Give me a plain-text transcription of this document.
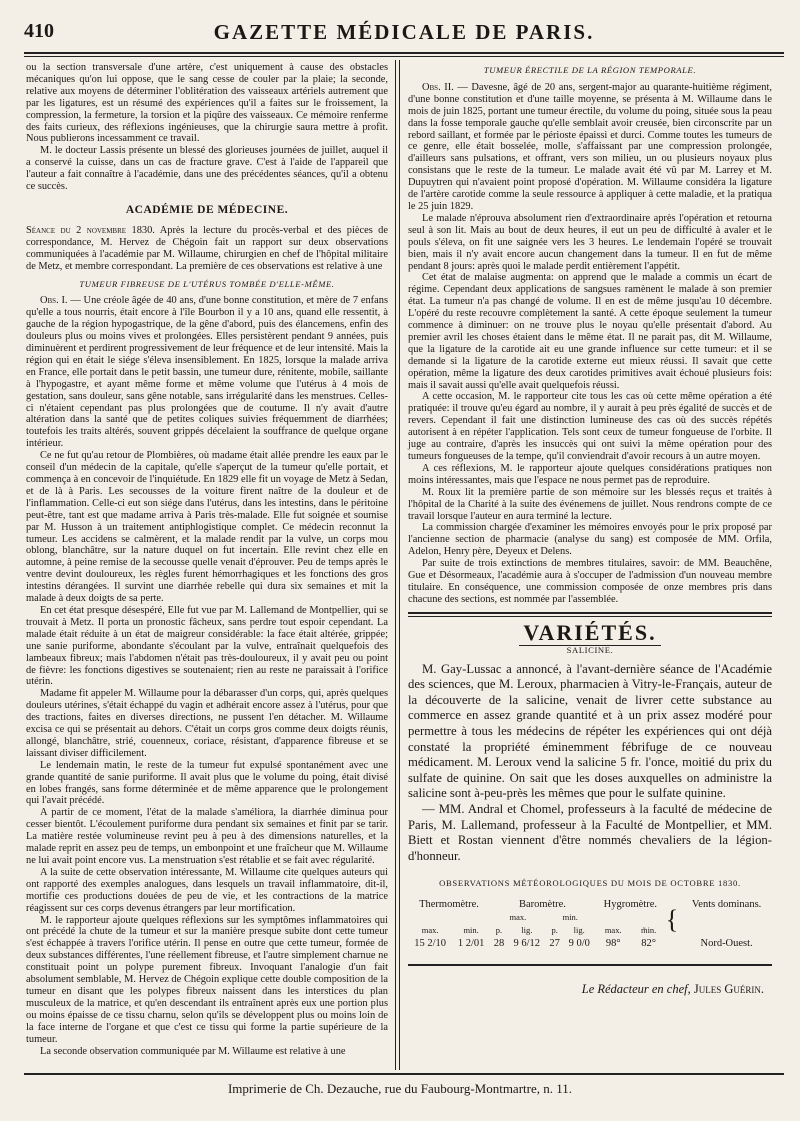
410	GAZETTE MÉDICALE DE PARIS.

ou la section transversale d'une artère, c'est uniquement à cause des obstacles mécaniques qu'on lui oppose, que le sang cesse de couler par la plaie; la seconde, relative aux moyens de déterminer l'oblitération des vaisseaux artériels autrement que par les ligatures, est un résumé des expériences qu'il a faites sur le froissement, la compression, la fermeture, la torsion et la piqûre des vaisseaux. Ce mémoire renferme des faits curieux, des réflexions ingénieuses, que la chirurgie saura mettre à profit. Nous publierons incessamment ce travail.

M. le docteur Lassis présente un blessé des glorieuses journées de juillet, auquel il a conservé la cuisse, dans un cas de fracture grave. C'est à l'aide de l'appareil que l'auteur a fait connaître à l'académie, dans une des précédentes séances, qu'il a obtenu ce succès.

ACADÉMIE DE MÉDECINE.

Séance du 2 novembre 1830. Après la lecture du procès-verbal et des pièces de correspondance, M. Hervez de Chégoin fait un rapport sur deux observations communiquées à l'académie par M. Willaume, chirurgien en chef de l'hôpital militaire de Metz, et membre correspondant. La première de ces observations est relative à une

TUMEUR FIBREUSE DE L'UTÉRUS TOMBÉE D'ELLE-MÊME.

Obs. I. — Une créole âgée de 40 ans, d'une bonne constitution, et mère de 7 enfans qu'elle a tous nourris, était encore à l'île Bourbon il y a 10 ans, quand elle ressentit, à gauche de la région hypogastrique, de la gêne d'abord, puis des élancemens, enfin des douleurs plus ou moins vives et prolongées. Elles persistèrent pendant 9 années, puis diminuèrent et perdirent progressivement de leur fréquence et de leur intensité. Mais la région qui en était le siége s'éleva insensiblement. En 1825, lorsque la malade arriva en France, elle portait dans le petit bassin, une tumeur dure, rénitente, mobile, saillante à l'hypogastre, et ayant même forme et même volume que l'utérus à 4 mois de gestation, sans douleur, sans gêne notable, sans irrégularité dans les menstrues. Celles-ci n'étaient cependant pas plus prolongées que de coutume. Il n'y avait d'autre altération dans la santé que de petites coliques suivies fréquemment de diarrhées; toutefois les traits altérés, souvent grippés décelaient la souffrance de quelque organe intérieur.

Ce ne fut qu'au retour de Plombières, où madame était allée prendre les eaux par le conseil d'un médecin de la capitale, qu'elle s'aperçut de la tumeur qu'elle portait, et commença à en concevoir de l'inquiétude. En 1829 elle fit un voyage de Metz à Sedan, et de là à Paris. Les secousses de la voiture firent naître de la douleur et de l'inflammation. Celle-ci eut son siége dans l'utérus, dans les intestins, dans le péritoine peut-être, tant est que madame arriva à Paris très-malade. Elle fut soignée et soumise par M. Husson à un traitement antiphlogistique complet. Ce médecin reconnut la tumeur. Les accidens se calmèrent, et la malade rendit par la vulve, un corps mou oblong, blanchâtre, sur la nature duquel on fut incertain. Elle revint chez elle en automne, à peine remise de la secousse quelle venait d'éprouver. Peu de temps après le ventre devint douloureux, les règles furent hémorrhagiques et les fonctions des gros intestins dérangées. Il survint une diarrhée rebelle qui dura six semaines et mit la malade à deux doigts de sa perte.

En cet état presque désespéré, Elle fut vue par M. Lallemand de Montpellier, qui se trouvait à Metz. Il porta un pronostic fâcheux, sans perdre tout espoir cependant. La malade était réduite à un état de maigreur considérable: la face était altérée, grippée; une sanie puriforme, abondante s'écoulant par la vulve, entraînait quelquefois des lambeaux fibreux; mais l'abdomen n'était pas très-douloureux, il y avait peu ou point de fièvre: les fonctions digestives se soutenaient; rien au reste ne paraissait à l'orifice utérin.

Madame fit appeler M. Willaume pour la débarasser d'un corps, qui, après quelques douleurs utérines, s'était échappé du vagin et adhérait encore assez à l'utérus, pour que des tractions, faites en diverses directions, ne pussent l'en détacher. M. Willaume excisa ce qui se présentait au dehors. C'était un corps gros comme deux doigts réunis, allongé, blanchâtre, strié, couenneux, coriace, résistant, d'apparence fibreuse et se laissant diviser difficilement.

Le lendemain matin, le reste de la tumeur fut expulsé spontanément avec une grande quantité de sanie puriforme. Il avait plus que le volume du poing, était divisé en lobes frangés, sans forme déterminée et de même apparence que le prolongement qui l'avait précédé.

A partir de ce moment, l'état de la malade s'améliora, la diarrhée diminua pour cesser bientôt. L'écoulement puriforme dura pendant six semaines et finit par se tarir. La matière restée volumineuse revint peu à peu à des dimensions naturelles, et la malade reprit en assez peu de temps, un embonpoint et une fraîcheur que M. Willaume ne lui avait point encore vus. La menstruation s'est rétablie et se fait avec régularité.

A la suite de cette observation intéressante, M. Willaume cite quelques auteurs qui ont rapporté des exemples analogues, dans lesquels un travail inflammatoire, dit-il, mortifie ces productions douées de peu de vie, et les contractions de la matrice réagissent sur ces corps devenus étrangers par leur mortification.

M. le rapporteur ajoute quelques réflexions sur les symptômes inflammatoires qui ont précédé la chute de la tumeur et sur la manière presque subite dont cette tumeur s'est échappée à travers l'orifice utérin. Il pense en outre que cette tumeur, formée de deux substances différentes, l'une réellement fibreuse, et l'autre simplement charnue ne constituait point un polype purement fibreux. Invoquant l'analogie d'un fait absolument semblable, M. Hervez de Chégoin explique cette double composition de la tumeur en disant que les polypes fibreux naissent dans les interstices du plan musculeux de la matrice, et qu'en descendant ils entraînent après eux une portion plus ou moins épaisse de ce tissu charnu, selon qu'ils se développent plus ou moins loin de la face interne de l'organe et que c'est ce tissu qui forme la partie supérieure de la tumeur.

La seconde observation communiquée par M. Willaume est relative à une

TUMEUR ÉRECTILE DE LA RÉGION TEMPORALE.

Obs. II. — Davesne, âgé de 20 ans, sergent-major au quarante-huitième régiment, d'une bonne constitution et d'une taille moyenne, se présenta à M. Willaume dans le mois de juin 1825, portant une tumeur érectile, du volume du poing, située sous la peau dans la fosse temporale gauche qu'elle semblait avoir creusée, bien circonscrite par un rebord saillant, et formée par le périoste épaissi et durci. Comme toutes les tumeurs de ce genre, elle était bosselée, molle, s'affaissant par une compression prolongée, d'ailleurs sans pulsations, et offrant, vers son milieu, un ou plusieurs noyaux plus consistans que le reste de la tumeur. Le malade avait été vû par M. Larrey et M. Dupuytren qui n'avaient point proposé d'opération. M. Willaume considéra la ligature de l'artère carotide comme la seule ressource à appliquer à cette maladie, et la pratiqua le 25 juin 1829.

Le malade n'éprouva absolument rien d'extraordinaire après l'opération et retourna seul à son lit. Mais au bout de deux heures, il eut un peu de difficulté à avaler et le pouls s'éleva, on fit une saignée vers les 3 heures. Le lendemain l'opéré se trouvait bien, mais il n'y avait encore aucun changement dans la tumeur. Il en fut de même pendant 8 jours: après quoi le malade perdit entièrement l'appétit.

Cet état de malaise augmenta: on apprend que le malade a commis un écart de régime. Cependant deux applications de sangsues ramènent le malade à son premier état. La tumeur n'a pas changé de volume. Il en est de même jusqu'au 10 décembre. L'opéré du reste recouvre complètement la santé. A cette époque seulement la tumeur commence à diminuer: on ne trouve plus le noyau qu'elle présentait d'abord. Au premier avril les choses étaient dans le même état. Il ne parait pas, dit M. Willaume, que la ligature de la carotide ait eu une grande influence sur cette tumeur: et il se demande si la ligature de la carotide externe eut mieux réussi. Il savait que cette opération, même la ligature des deux carotides primitives avait échoué plusieurs fois: mais il savait aussi qu'elle avait quelquefois réussi.

A cette occasion, M. le rapporteur cite tous les cas où cette même opération a été pratiquée: il trouve qu'eu égard au nombre, il y aurait à peu près égalité de succès et de revers. Cependant il fait une distinction lumineuse des cas où des succès répétés autorisent à en répéter l'application. Tels sont ceux de tumeur fongueuse de l'orbite. Il juge au contraire, d'après les insuccès qui ont suivi la même opération pour des tumeurs fongueuses de la tempe, qu'il conviendrait d'avoir recours à un autre moyen.

A ces réflexions, M. le rapporteur ajoute quelques considérations pratiques non moins intéressantes, mais que l'espace ne nous permet pas de reproduire.

M. Roux lit la première partie de son mémoire sur les blessés reçus et traités à l'hôpital de la Charité à la suite des événemens de juillet. Nous rendrons compte de ce travail lorsque l'auteur en aura terminé la lecture.

La commission chargée d'examiner les mémoires envoyés pour le prix proposé par l'ancienne section de pharmacie (analyse du sang) est composée de MM. Orfila, Adelon, Henry père, Deyeux et Delens.

Par suite de trois extinctions de membres titulaires, savoir: de MM. Beauchêne, Gue et Désormeaux, l'académie aura à s'occuper de l'admission d'un nouveau membre titulaire. En conséquence, une commission composée de onze membres pris dans chacune des sections, est nommée par l'assemblée.

VARIÉTÉS.
SALICINE.

M. Gay-Lussac a annoncé, à l'avant-dernière séance de l'Académie des sciences, que M. Leroux, pharmacien à Vitry-le-Français, auteur de la découverte de la salicine, venait de livrer cette substance au commerce en assez grande quantité et à un prix assez modéré pour permettre à tous les médecins de répéter les expériences qui ont déjà constaté la propriété éminemment fébrifuge de ce nouveau médicament. M. Leroux vend la salicine 5 fr. l'once, moitié du prix du sulfate de quinine. On sait que les doses auxquelles on administre la salicine sont à-peu-près les mêmes que pour le sulfate quinine.

— MM. Andral et Chomel, professeurs à la faculté de médecine de Paris, M. Lallemand, professeur à la Faculté de Montpellier, et MM. Biett et Rostan viennent d'être nommés chevaliers de la légion-d'honneur.

OBSERVATIONS MÉTÉOROLOGIQUES DU MOIS DE OCTOBRE 1830.
Thermomètre.		Baromètre.				Hygromètre.		{	Vents dominans.
		max.		min.					
max.	min.	p.	lig.	p.	lig.	max.	m̃in.		
15 2/10	1 2/01	28	9 6/12	27	9 0/0	98°	82°		Nord-Ouest.
Le Rédacteur en chef, Jules Guérin.
Imprimerie de Ch. Dezauche, rue du Faubourg-Montmartre, n. 11.
